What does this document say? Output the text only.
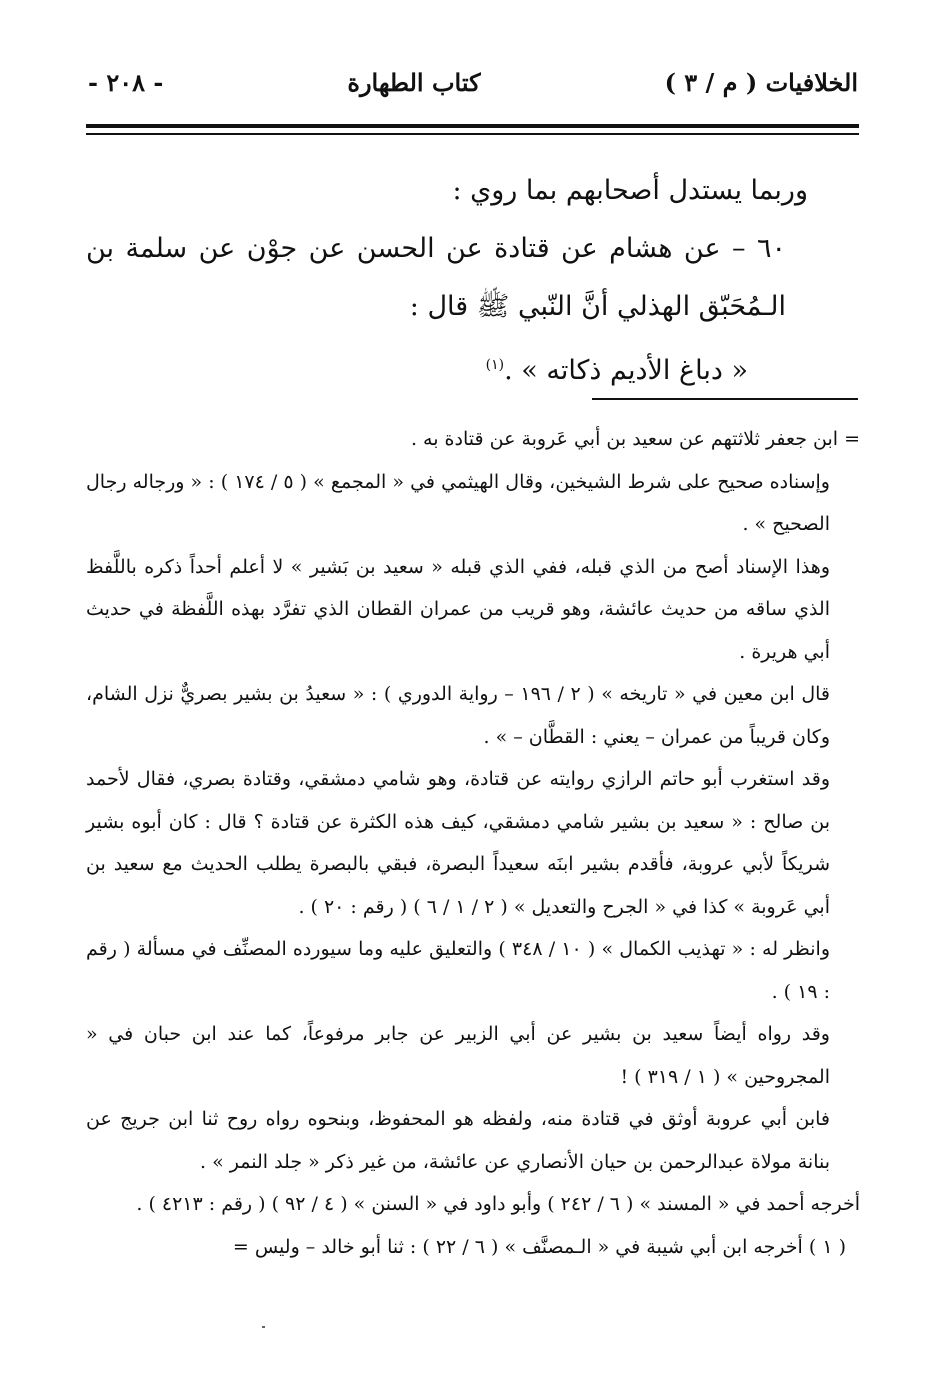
الخلافيات ( م / ٣ )
كتاب الطهارة
- ٢٠٨ -

وربما يستدل أصحابهم بما روي :

٦٠ – عن هشام عن قتادة عن الحسن عن جوْن عن سلمة بن الـمُحَبّق الهذلي أنَّ النّبي ﷺ قال :

« دباغ الأديم ذكاته » .$^{(١)}$

= ابن جعفر ثلاثتهم عن سعيد بن أبي عَروبة عن قتادة به .

وإسناده صحيح على شرط الشيخين، وقال الهيثمي في « المجمع » ( ٥ / ١٧٤ ) : « ورجاله رجال الصحيح » .

وهذا الإسناد أصح من الذي قبله، ففي الذي قبله « سعيد بن بَشير » لا أعلم أحداً ذكره باللَّفظ الذي ساقه من حديث عائشة، وهو قريب من عمران القطان الذي تفرَّد بهذه اللَّفظة في حديث أبي هريرة .

قال ابن معين في « تاريخه » ( ٢ / ١٩٦ – رواية الدوري ) : « سعيدُ بن بشير بصريٌّ نزل الشام، وكان قريباً من عمران – يعني : القطَّان – » .

وقد استغرب أبو حاتم الرازي روايته عن قتادة، وهو شامي دمشقي، وقتادة بصري، فقال لأحمد بن صالح : « سعيد بن بشير شامي دمشقي، كيف هذه الكثرة عن قتادة ؟ قال : كان أبوه بشير شريكاً لأبي عروبة، فأقدم بشير ابنَه سعيداً البصرة، فبقي بالبصرة يطلب الحديث مع سعيد بن أبي عَروبة » كذا في « الجرح والتعديل » ( ٢ / ١ / ٦ ) ( رقم : ٢٠ ) .

وانظر له : « تهذيب الكمال » ( ١٠ / ٣٤٨ ) والتعليق عليه وما سيورده المصنِّف في مسألة ( رقم : ١٩ ) .

وقد رواه أيضاً سعيد بن بشير عن أبي الزبير عن جابر مرفوعاً، كما عند ابن حبان في « المجروحين » ( ١ / ٣١٩ ) !

فابن أبي عروبة أوثق في قتادة منه، ولفظه هو المحفوظ، وبنحوه رواه روح ثنا ابن جريج عن بنانة مولاة عبدالرحمن بن حيان الأنصاري عن عائشة، من غير ذكر « جلد النمر » .

أخرجه أحمد في « المسند » ( ٦ / ٢٤٢ ) وأبو داود في « السنن » ( ٤ / ٩٢ ) ( رقم : ٤٢١٣ ) .

( ١ ) أخرجه ابن أبي شيبة في « الـمصنَّف » ( ٦ / ٢٢ ) : ثنا أبو خالد – وليس =
